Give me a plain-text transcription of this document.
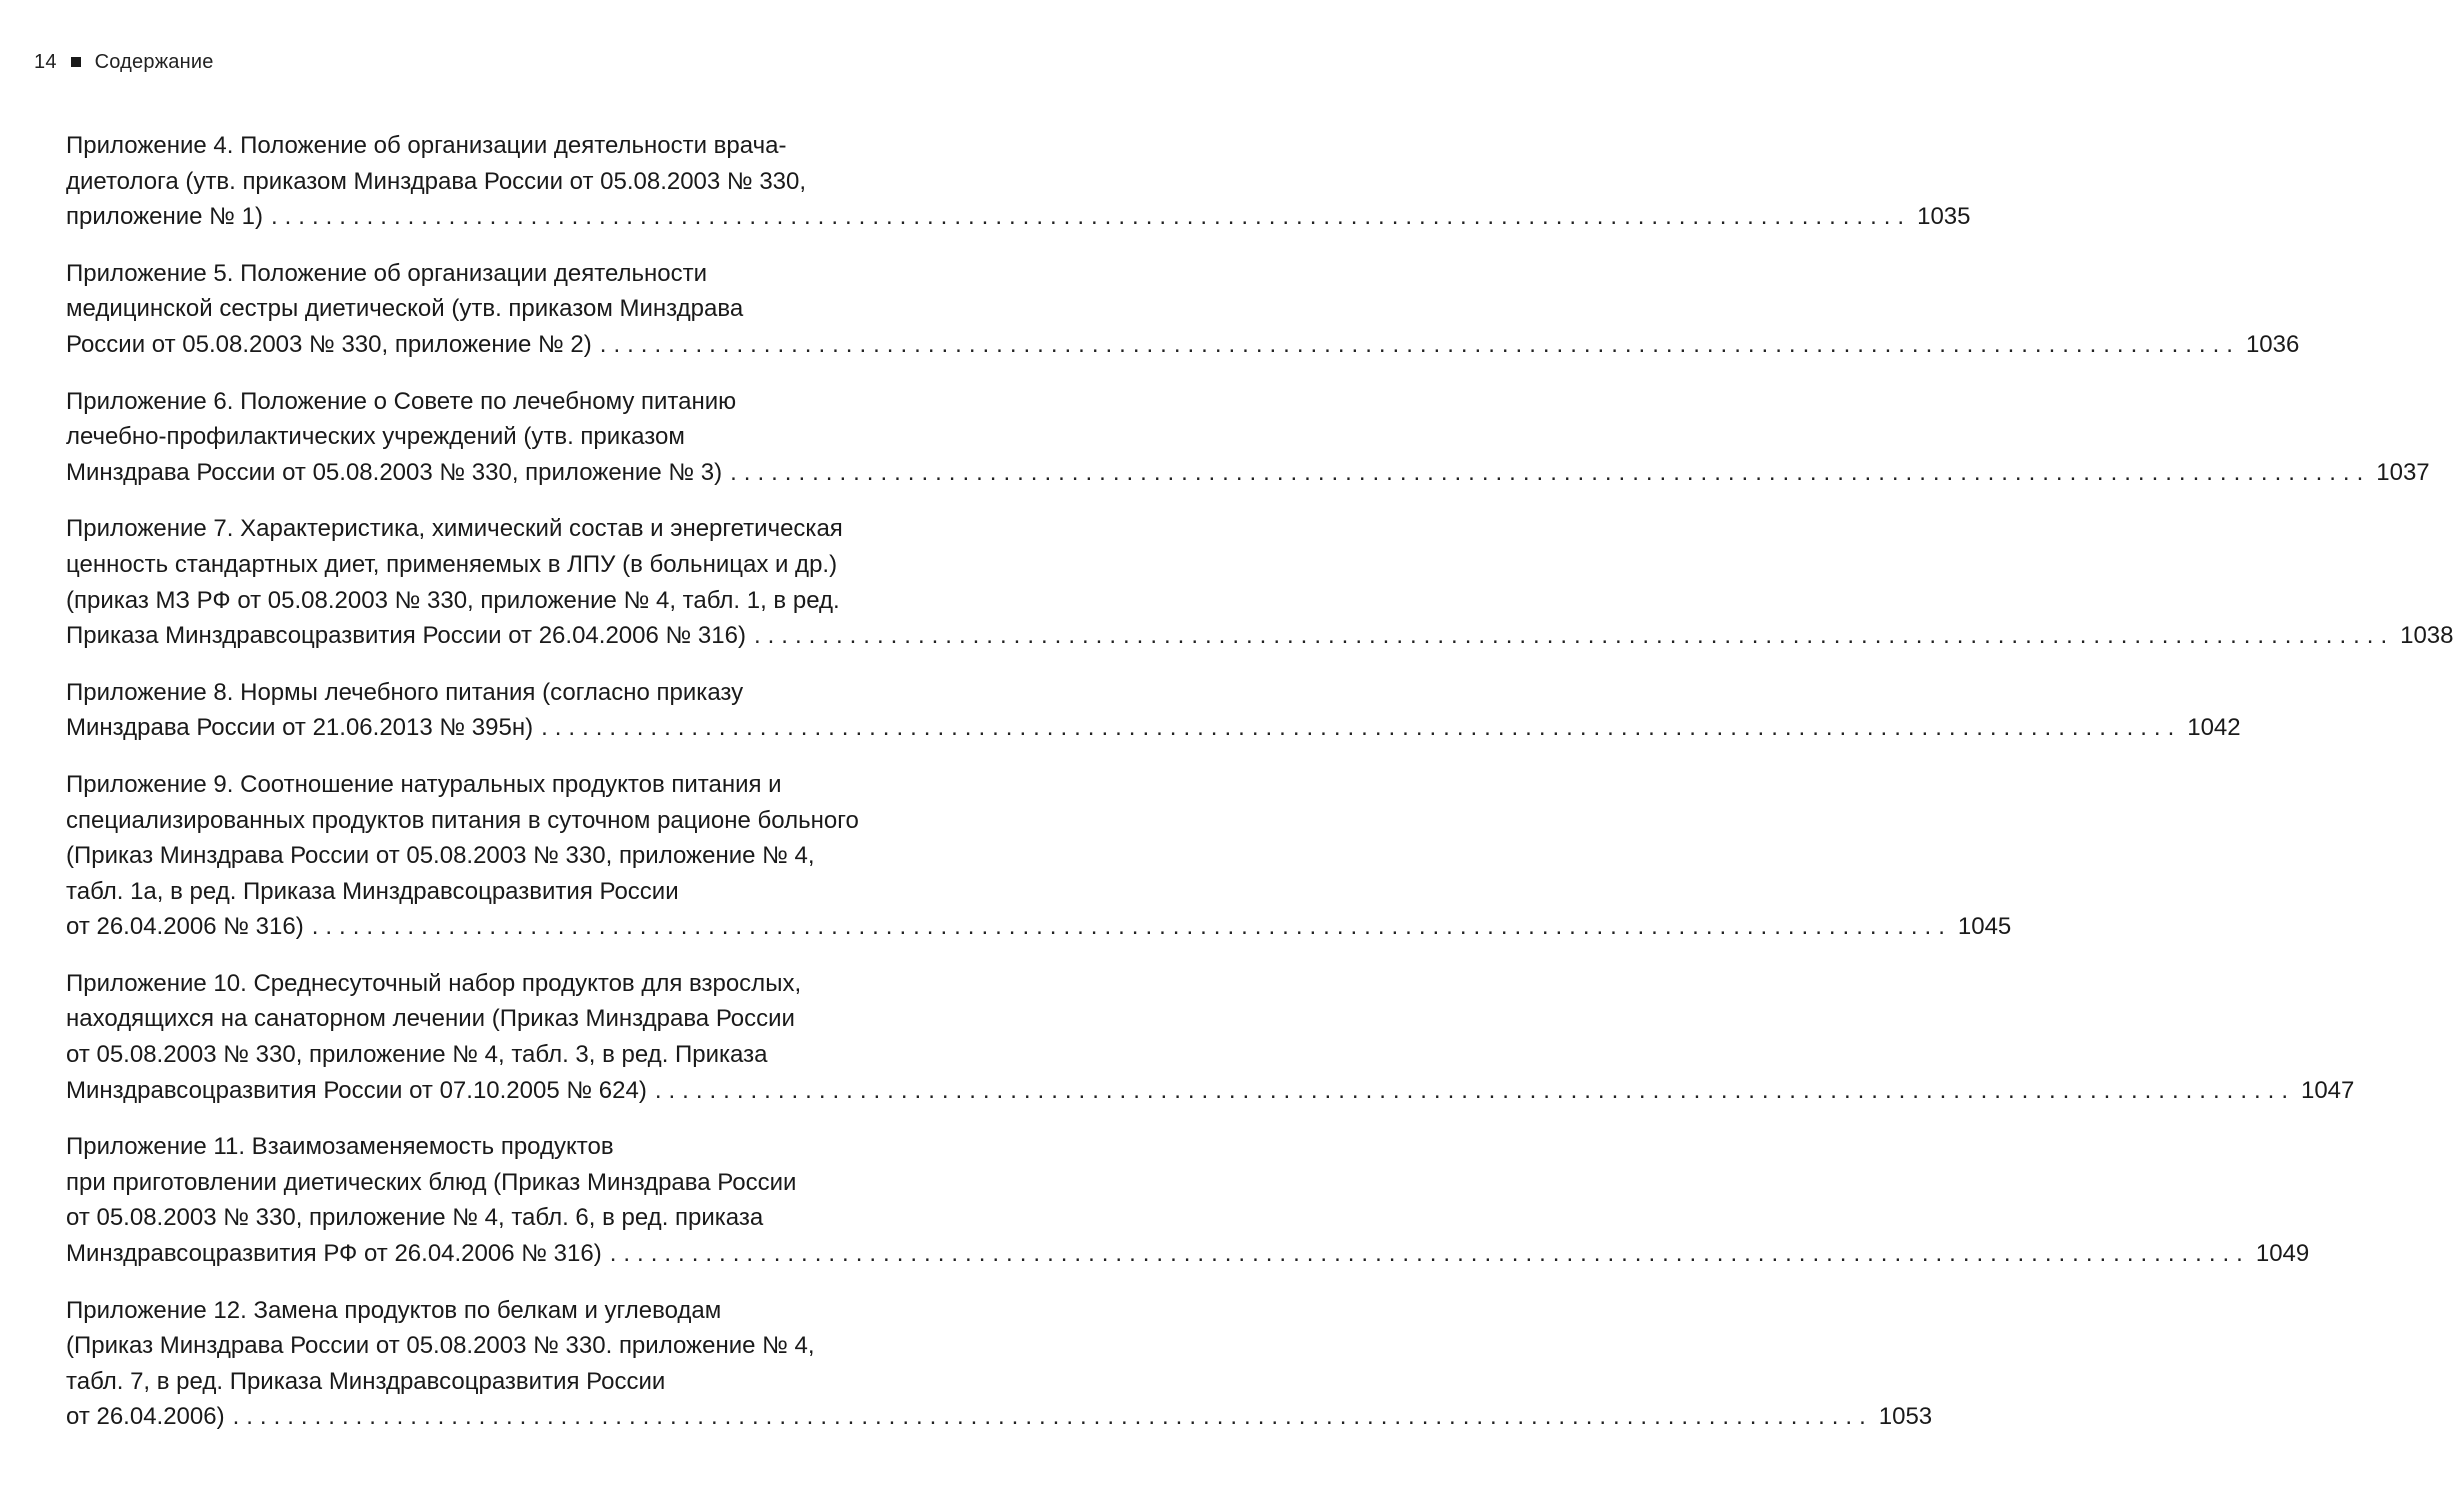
14 Содержание
Приложение 4. Положение об организации деятельности врача-
диетолога (утв. приказом Минздрава России от 05.08.2003 № 330,
приложение № 1) ........................................................................................................................ 1035
Приложение 5. Положение об организации деятельности
медицинской сестры диетической (утв. приказом Минздрава
России от 05.08.2003 № 330, приложение № 2) ........................................................................................................................ 1036
Приложение 6. Положение о Совете по лечебному питанию
лечебно-профилактических учреждений (утв. приказом
Минздрава России от 05.08.2003 № 330, приложение № 3) ........................................................................................................................ 1037
Приложение 7. Характеристика, химический состав и энергетическая
ценность стандартных диет, применяемых в ЛПУ (в больницах и др.)
(приказ МЗ РФ от 05.08.2003 № 330, приложение № 4, табл. 1, в ред.
Приказа Минздравсоцразвития России от 26.04.2006 № 316) ........................................................................................................................ 1038
Приложение 8. Нормы лечебного питания (согласно приказу
Минздрава России от 21.06.2013 № 395н) ........................................................................................................................ 1042
Приложение 9. Соотношение натуральных продуктов питания и
специализированных продуктов питания в суточном рационе больного
(Приказ Минздрава России от 05.08.2003 № 330, приложение № 4,
табл. 1а, в ред. Приказа Минздравсоцразвития России
от 26.04.2006 № 316) ........................................................................................................................ 1045
Приложение 10. Среднесуточный набор продуктов для взрослых,
находящихся на санаторном лечении (Приказ Минздрава России
от 05.08.2003 № 330, приложение № 4, табл. 3, в ред. Приказа
Минздравсоцразвития России от 07.10.2005 № 624) ........................................................................................................................ 1047
Приложение 11. Взаимозаменяемость продуктов
при приготовлении диетических блюд (Приказ Минздрава России
от 05.08.2003 № 330, приложение № 4, табл. 6, в ред. приказа
Минздравсоцразвития РФ от 26.04.2006 № 316) ........................................................................................................................ 1049
Приложение 12. Замена продуктов по белкам и углеводам
(Приказ Минздрава России от 05.08.2003 № 330. приложение № 4,
табл. 7, в ред. Приказа Минздравсоцразвития России
от 26.04.2006) ........................................................................................................................ 1053
